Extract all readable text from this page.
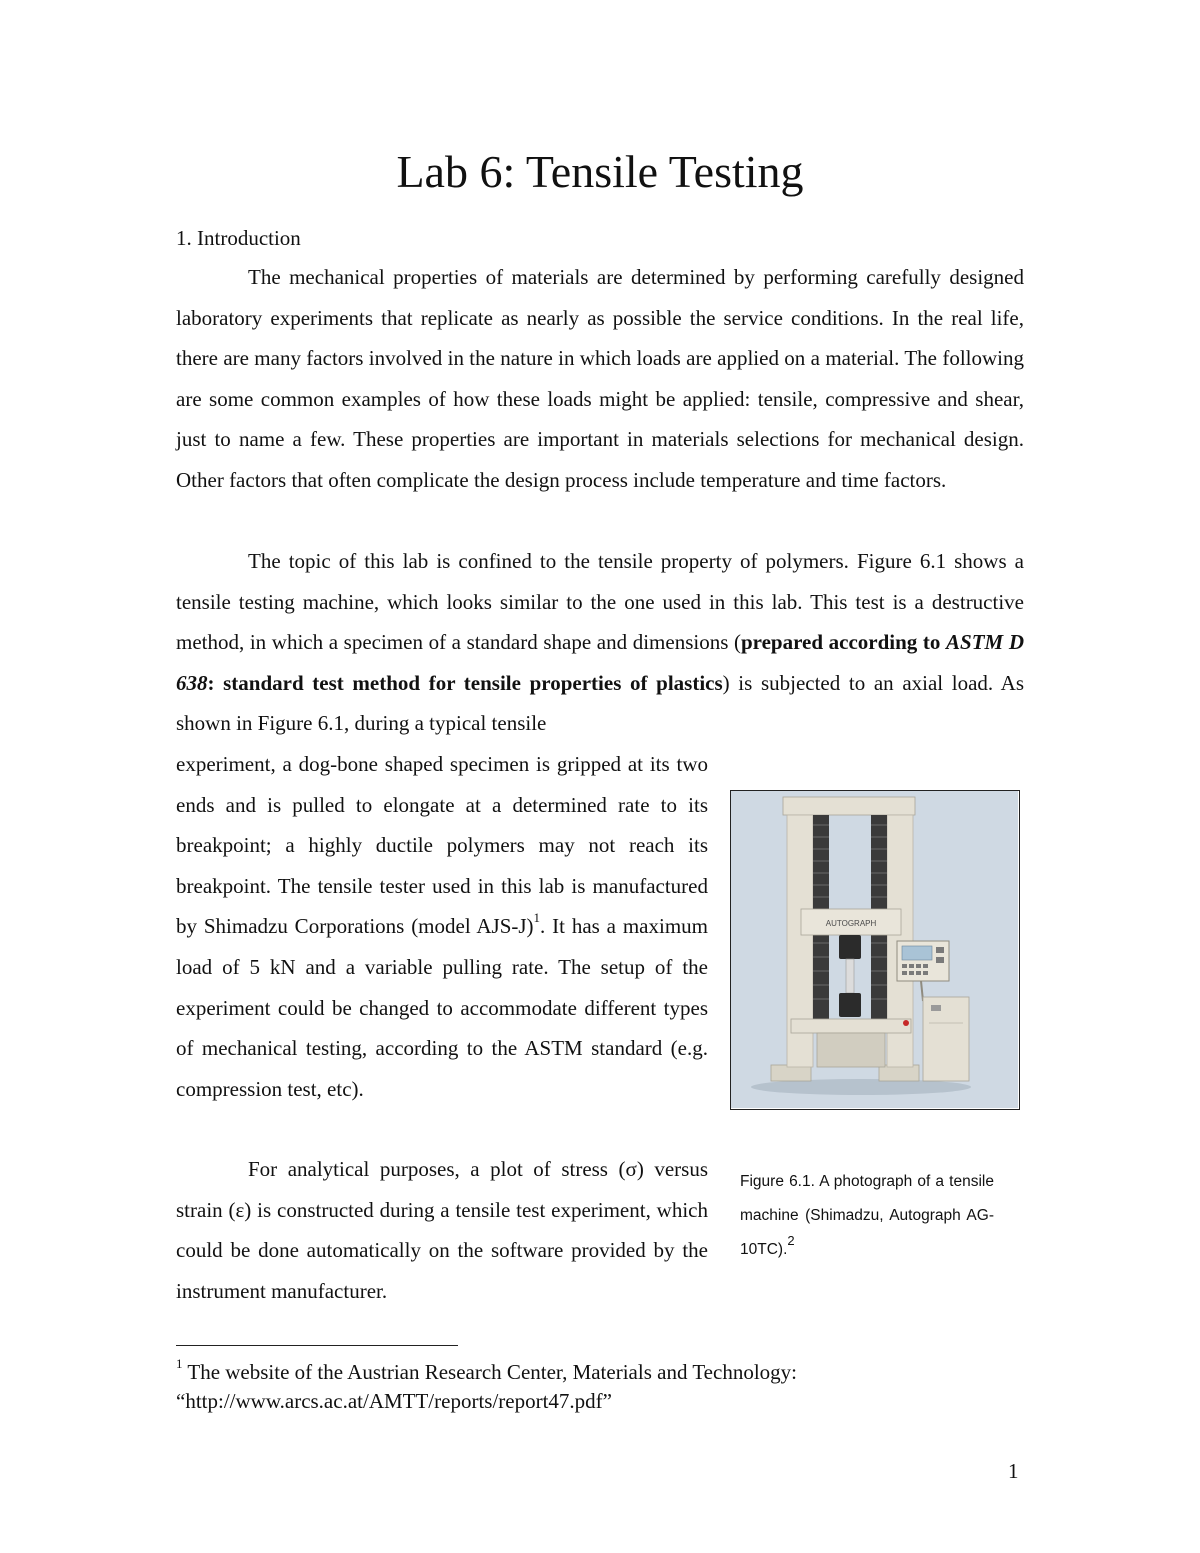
Lab 6: Tensile Testing
1. Introduction

The mechanical properties of materials are determined by performing carefully designed laboratory experiments that replicate as nearly as possible the service conditions. In the real life, there are many factors involved in the nature in which loads are applied on a material. The following are some common examples of how these loads might be applied: tensile, compressive and shear, just to name a few. These properties are important in materials selections for mechanical design. Other factors that often complicate the design process include temperature and time factors.

The topic of this lab is confined to the tensile property of polymers. Figure 6.1 shows a tensile testing machine, which looks similar to the one used in this lab. This test is a destructive method, in which a specimen of a standard shape and dimensions (prepared according to ASTM D 638: standard test method for tensile properties of plastics) is subjected to an axial load. As shown in Figure 6.1, during a typical tensile

experiment, a dog-bone shaped specimen is gripped at its two ends and is pulled to elongate at a determined rate to its breakpoint; a highly ductile polymers may not reach its breakpoint. The tensile tester used in this lab is manufactured by Shimadzu Corporations (model AJS-J)$^1$. It has a maximum load of 5 kN and a variable pulling rate. The setup of the experiment could be changed to accommodate different types of mechanical testing, according to the ASTM standard (e.g. compression test, etc).

For analytical purposes, a plot of stress (σ) versus strain (ε) is constructed during a tensile test experiment, which could be done automatically on the software provided by the instrument manufacturer.

AUTOGRAPH
Figure 6.1. A photograph of a tensile machine (Shimadzu, Autograph AG-10TC).$^2$
$^1$ The website of the Austrian Research Center, Materials and Technology:
“http://www.arcs.ac.at/AMTT/reports/report47.pdf”
1
